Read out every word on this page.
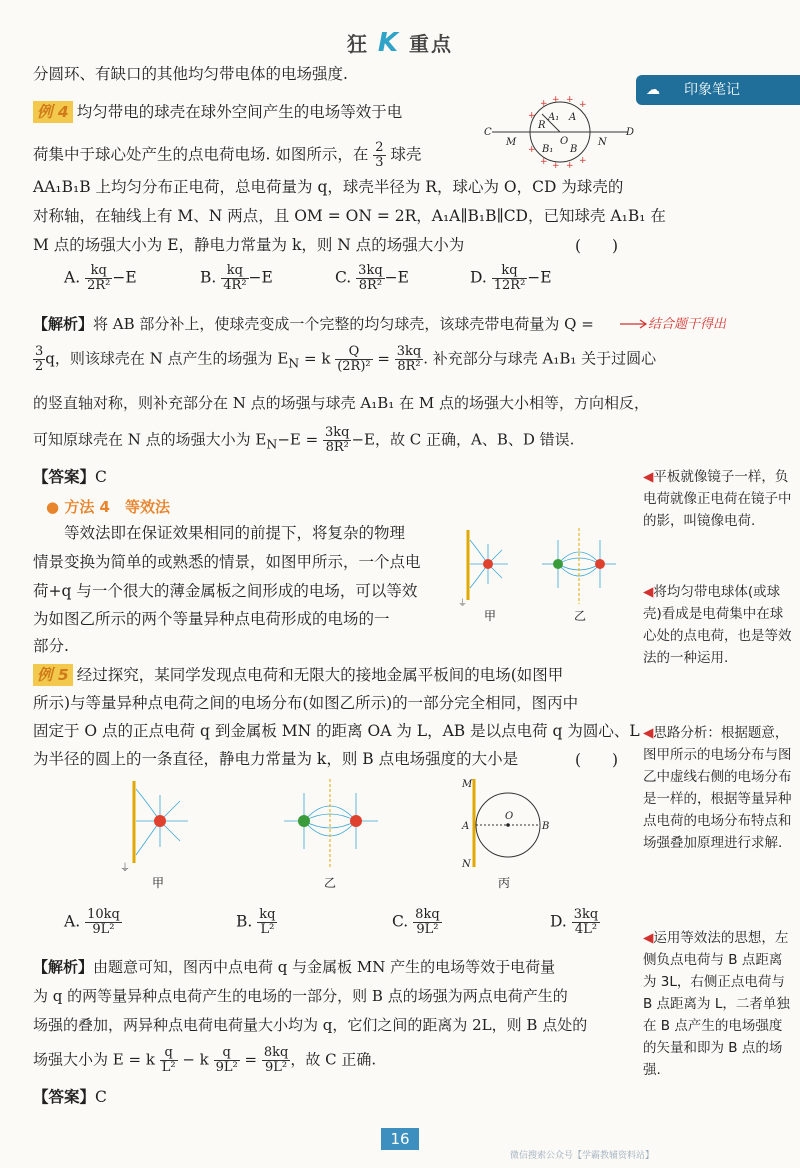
狂 K 重点
分圆环、有缺口的其他均匀带电体的电场强度.
例 4 均匀带电的球壳在球外空间产生的电场等效于电
荷集中于球心处产生的点电荷电场. 如图所示，在 $\frac{2}{3}$ 球壳
+ + + +
+
+
+ + + +
C
M
R
A₁ A
O
B₁ B
N
D
AA₁B₁B 上均匀分布正电荷，总电荷量为 q，球壳半径为 R，球心为 O，CD 为球壳的
对称轴，在轴线上有 M、N 两点，且 OM = ON = 2R，A₁A∥B₁B∥CD，已知球壳 A₁B₁ 在
M 点的场强大小为 E，静电力常量为 k，则 N 点的场强大小为	(　　)
A. $\frac{kq}{\text{2R²}} -E$	B. $\frac{kq}{\text{4R²}} -E$	C. $\frac{3kq}{\text{8R²}} -E$	D. $\frac{kq}{\text{12R²}} -E$
【解析】将 AB 部分补上，使球壳变成一个完整的均匀球壳，该球壳带电荷量为 Q =	结合题干得出
$\frac{3}{2}$ q，则该球壳在 N 点产生的场强为 $E_N = k \frac{Q}{\text{(2R)²}} = \frac{3kq}{\text{8R²}}$ . 补充部分与球壳 A₁B₁ 关于过圆心
的竖直轴对称，则补充部分在 N 点的场强与球壳 A₁B₁ 在 M 点的场强大小相等，方向相反，
可知原球壳在 N 点的场强大小为 $E_N-E = \frac{3kq}{\text{8R²}} -E$，故 C 正确，A、B、D 错误.
【答案】C
● 方法 4　等效法
等效法即在保证效果相同的前提下，将复杂的物理
情景变换为简单的或熟悉的情景，如图甲所示，一个点电
荷+q 与一个很大的薄金属板之间形成的电场，可以等效
为如图乙所示的两个等量异种点电荷形成的电场的一
部分.
⏚
甲	乙
例 5 经过探究，某同学发现点电荷和无限大的接地金属平板间的电场(如图甲
所示)与等量异种点电荷之间的电场分布(如图乙所示)的一部分完全相同，图丙中
固定于 O 点的正点电荷 q 到金属板 MN 的距离 OA 为 L，AB 是以点电荷 q 为圆心、L
为半径的圆上的一条直径，静电力常量为 k，则 B 点电场强度的大小是	(　　)
⏚
甲	乙
M
O
A	B
N
丙
A. $\frac{10kq}{\text{9L²}}$	B. $\frac{kq}{\text{L²}}$	C. $\frac{8kq}{\text{9L²}}$	D. $\frac{3kq}{\text{4L²}}$
【解析】由题意可知，图丙中点电荷 q 与金属板 MN 产生的电场等效于电荷量
为 q 的两等量异种点电荷产生的电场的一部分，则 B 点的场强为两点电荷产生的
场强的叠加，两异种点电荷电荷量大小均为 q，它们之间的距离为 2L，则 B 点处的
场强大小为 E = k $\frac{q}{\text{L²}} - k \frac{q}{\text{9L²}} = \frac{8kq}{\text{9L²}}$ ，故 C 正确.
【答案】C
☁ 印象笔记
◀平板就像镜子一样，负电荷就像正电荷在镜子中的影，叫镜像电荷.
◀将均匀带电球体(或球壳)看成是电荷集中在球心处的点电荷，也是等效法的一种运用.
◀思路分析：根据题意，图甲所示的电场分布与图乙中虚线右侧的电场分布是一样的，根据等量异种点电荷的电场分布特点和场强叠加原理进行求解.
◀运用等效法的思想，左侧负点电荷与 B 点距离为 3L，右侧正点电荷与 B 点距离为 L，二者单独在 B 点产生的电场强度的矢量和即为 B 点的场强.
16
微信搜索公众号【学霸教辅资料站】
